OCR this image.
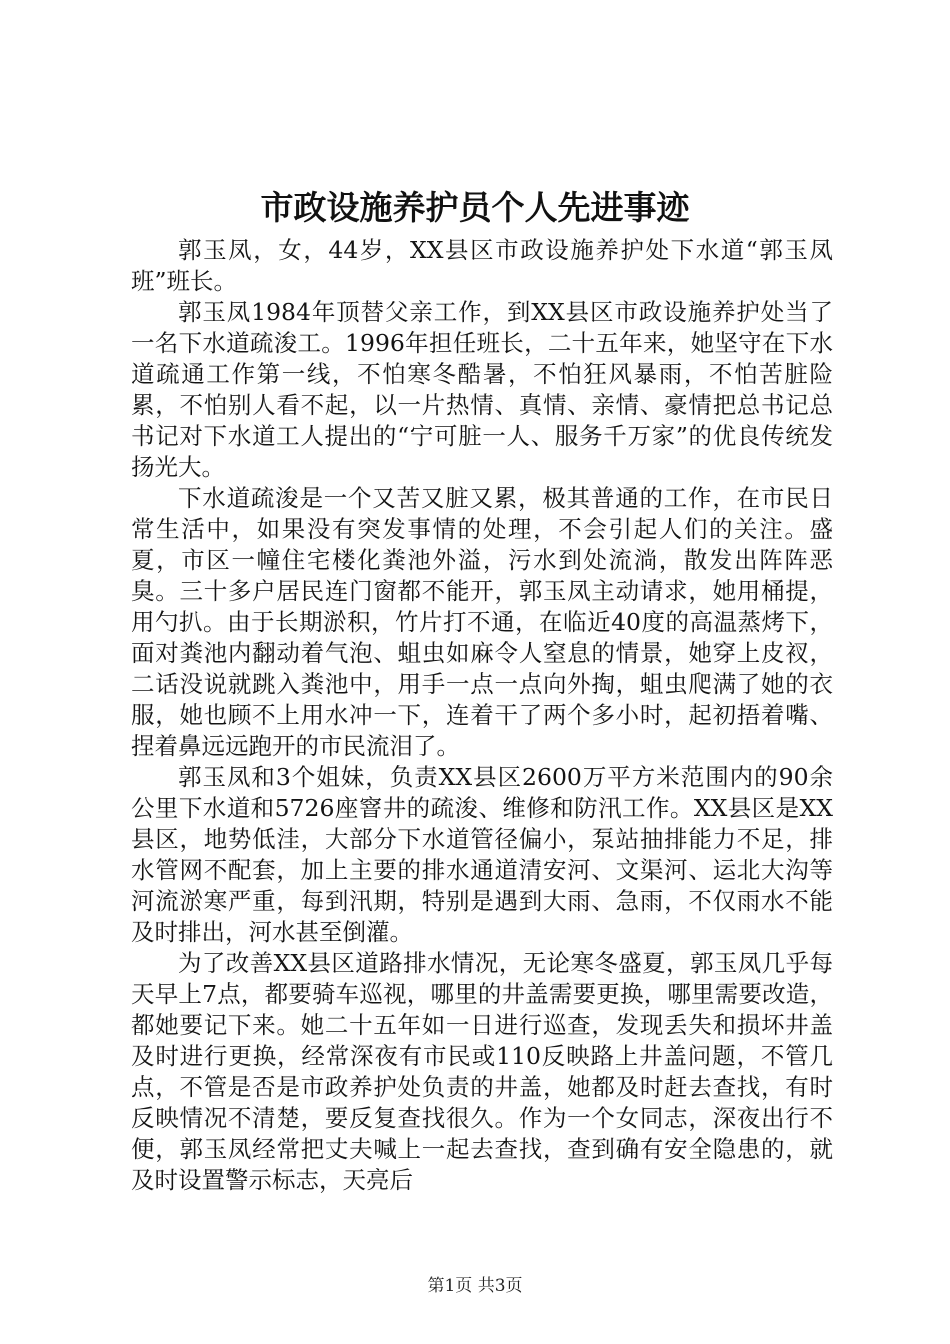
市政设施养护员个人先进事迹

郭玉凤，女，44岁，XX县区市政设施养护处下水道“郭玉凤班”班长。

郭玉凤1984年顶替父亲工作，到XX县区市政设施养护处当了一名下水道疏浚工。1996年担任班长，二十五年来，她坚守在下水道疏通工作第一线，不怕寒冬酷暑，不怕狂风暴雨，不怕苦脏险累，不怕别人看不起，以一片热情、真情、亲情、豪情把总书记总书记对下水道工人提出的“宁可脏一人、服务千万家”的优良传统发扬光大。

下水道疏浚是一个又苦又脏又累，极其普通的工作，在市民日常生活中，如果没有突发事情的处理，不会引起人们的关注。盛夏，市区一幢住宅楼化粪池外溢，污水到处流淌，散发出阵阵恶臭。三十多户居民连门窗都不能开，郭玉凤主动请求，她用桶提，用勺扒。由于长期淤积，竹片打不通，在临近40度的高温蒸烤下，面对粪池内翻动着气泡、蛆虫如麻令人窒息的情景，她穿上皮衩，二话没说就跳入粪池中，用手一点一点向外掏，蛆虫爬满了她的衣服，她也顾不上用水冲一下，连着干了两个多小时，起初捂着嘴、捏着鼻远远跑开的市民流泪了。

郭玉凤和3个姐妹，负责XX县区2600万平方米范围内的90余公里下水道和5726座窨井的疏浚、维修和防汛工作。XX县区是XX县区，地势低洼，大部分下水道管径偏小，泵站抽排能力不足，排水管网不配套，加上主要的排水通道清安河、文渠河、运北大沟等河流淤寒严重，每到汛期，特别是遇到大雨、急雨，不仅雨水不能及时排出，河水甚至倒灌。

为了改善XX县区道路排水情况，无论寒冬盛夏，郭玉凤几乎每天早上7点，都要骑车巡视，哪里的井盖需要更换，哪里需要改造，都她要记下来。她二十五年如一日进行巡查，发现丢失和损坏井盖及时进行更换，经常深夜有市民或110反映路上井盖问题，不管几点，不管是否是市政养护处负责的井盖，她都及时赶去查找，有时反映情况不清楚，要反复查找很久。作为一个女同志，深夜出行不便，郭玉凤经常把丈夫喊上一起去查找，查到确有安全隐患的，就及时设置警示标志，天亮后

第1页 共3页
